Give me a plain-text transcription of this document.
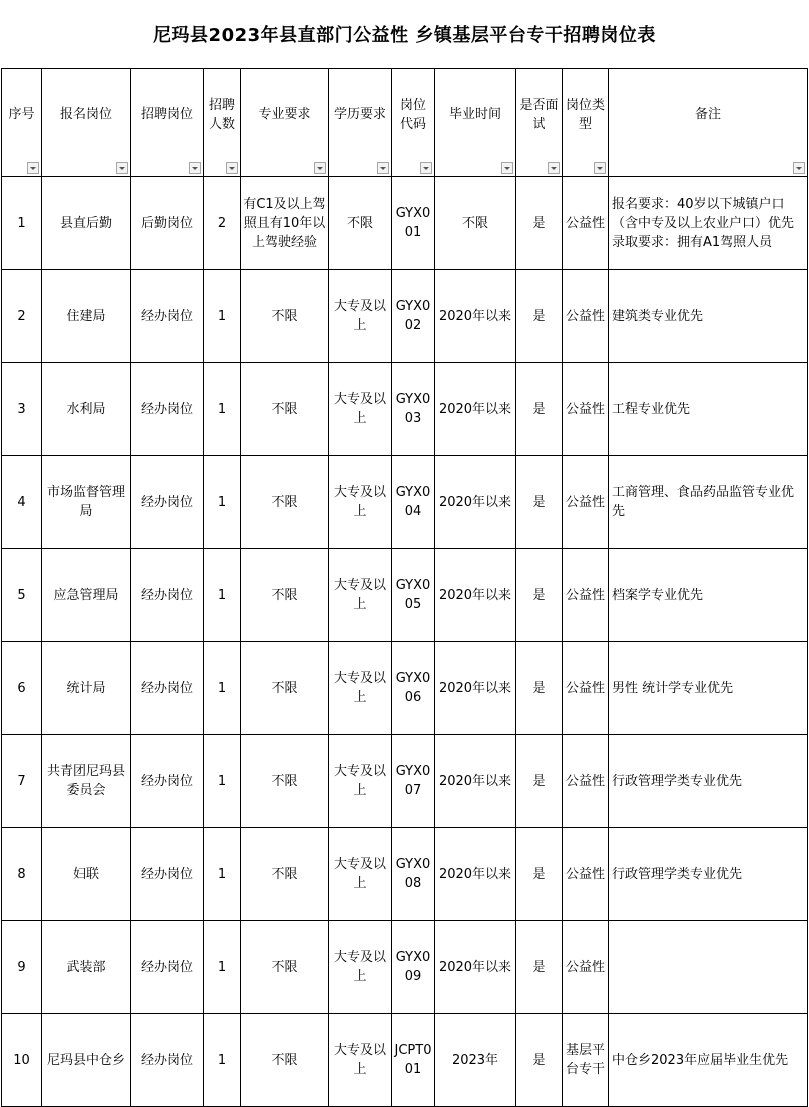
尼玛县2023年县直部门公益性 乡镇基层平台专干招聘岗位表
序号	报名岗位	招聘岗位	招聘人数	专业要求	学历要求	岗位代码	毕业时间	是否面试	岗位类型	备注

1	县直后勤	后勤岗位	2	有C1及以上驾照且有10年以上驾驶经验	不限	GYX001	不限	是	公益性	报名要求：40岁以下城镇户口（含中专及以上农业户口）优先录取要求：拥有A1驾照人员
2	住建局	经办岗位	1	不限	大专及以上	GYX002	2020年以来	是	公益性	建筑类专业优先
3	水利局	经办岗位	1	不限	大专及以上	GYX003	2020年以来	是	公益性	工程专业优先
4	市场监督管理局	经办岗位	1	不限	大专及以上	GYX004	2020年以来	是	公益性	工商管理、食品药品监管专业优先
5	应急管理局	经办岗位	1	不限	大专及以上	GYX005	2020年以来	是	公益性	档案学专业优先
6	统计局	经办岗位	1	不限	大专及以上	GYX006	2020年以来	是	公益性	男性 统计学专业优先
7	共青团尼玛县委员会	经办岗位	1	不限	大专及以上	GYX007	2020年以来	是	公益性	行政管理学类专业优先
8	妇联	经办岗位	1	不限	大专及以上	GYX008	2020年以来	是	公益性	行政管理学类专业优先
9	武装部	经办岗位	1	不限	大专及以上	GYX009	2020年以来	是	公益性	
10	尼玛县中仓乡	经办岗位	1	不限	大专及以上	JCPT001	2023年	是	基层平台专干	中仓乡2023年应届毕业生优先
